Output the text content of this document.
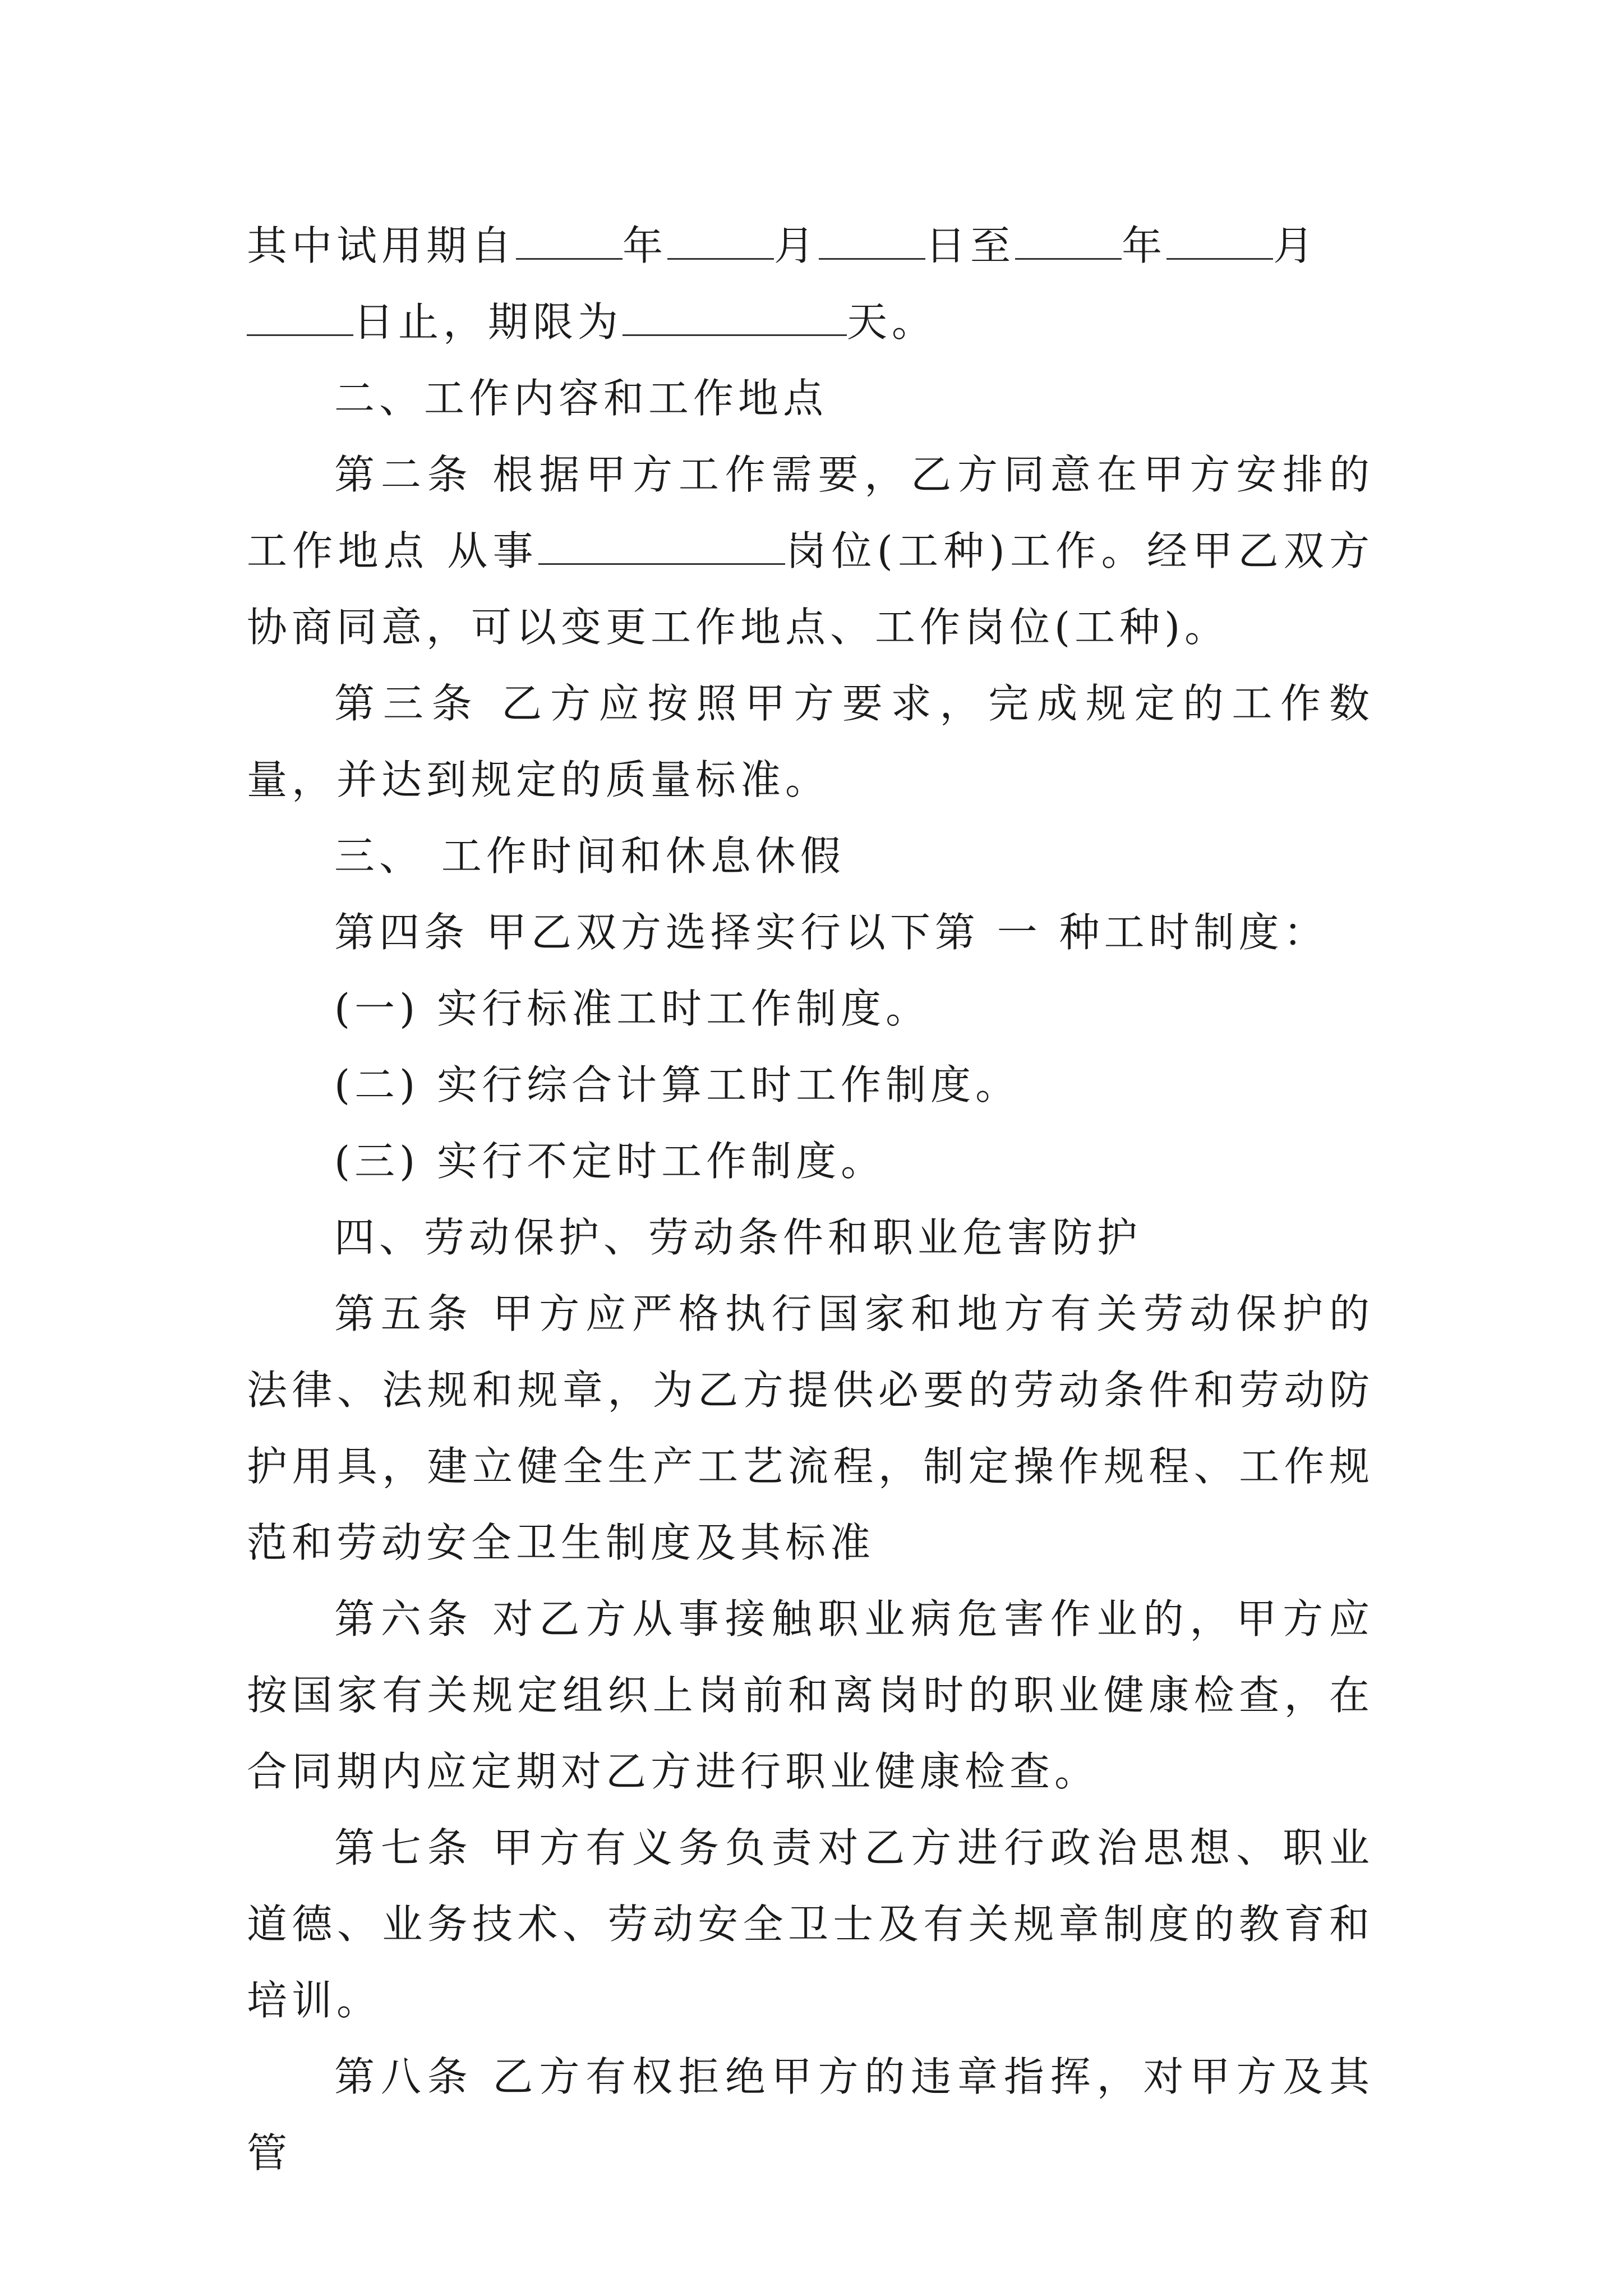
其中试用期自	年	月	日至	年	月

日止，期限为	天。

二、工作内容和工作地点

第二条 根据甲方工作需要，乙方同意在甲方安排的工作地点 从事	岗位(工种)工作。经甲乙双方协商同意，可以变更工作地点、工作岗位(工种)。

第三条 乙方应按照甲方要求，完成规定的工作数量，并达到规定的质量标准。

三、 工作时间和休息休假

第四条 甲乙双方选择实行以下第 一 种工时制度：

(一) 实行标准工时工作制度。

(二) 实行综合计算工时工作制度。

(三) 实行不定时工作制度。

四、劳动保护、劳动条件和职业危害防护

第五条 甲方应严格执行国家和地方有关劳动保护的法律、法规和规章，为乙方提供必要的劳动条件和劳动防护用具，建立健全生产工艺流程，制定操作规程、工作规范和劳动安全卫生制度及其标准

第六条 对乙方从事接触职业病危害作业的，甲方应按国家有关规定组织上岗前和离岗时的职业健康检查，在合同期内应定期对乙方进行职业健康检查。

第七条 甲方有义务负责对乙方进行政治思想、职业道德、业务技术、劳动安全卫士及有关规章制度的教育和培训。

第八条 乙方有权拒绝甲方的违章指挥，对甲方及其管
